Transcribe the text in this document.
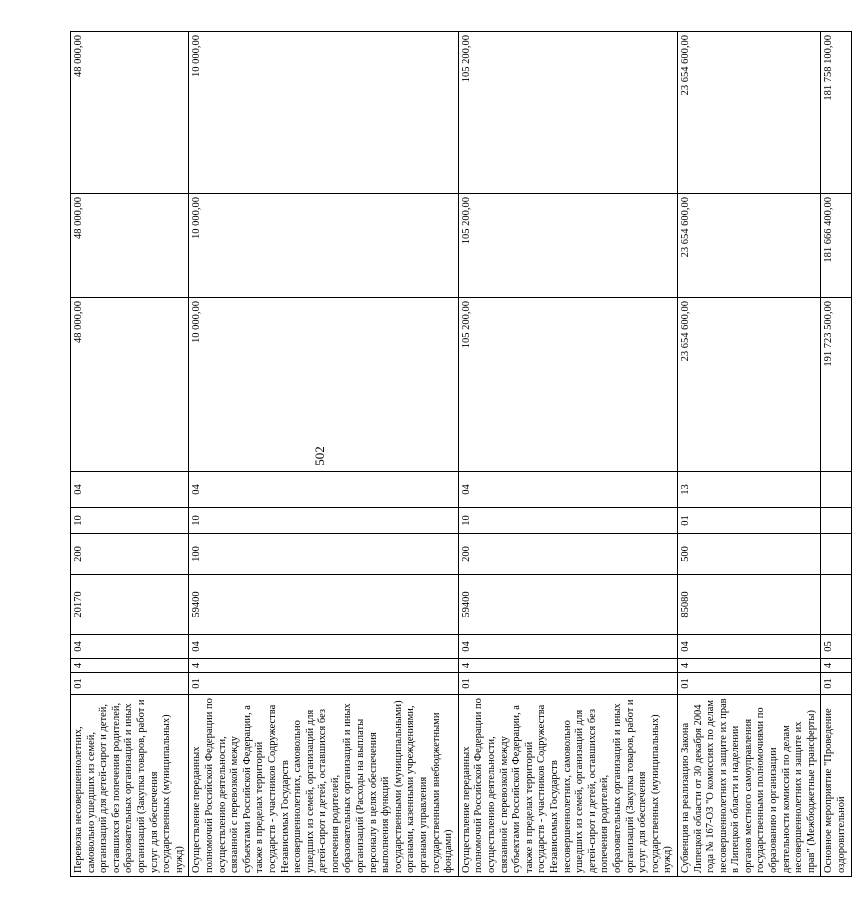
502
Перевозка несовершеннолетних, самовольно ушедших из семей, организаций для детей-сирот и детей, оставшихся без попечения родителей, образовательных организаций и иных организаций (Закупка товаров, работ и услуг для обеспечения государственных (муниципальных) нужд)	01	4	04	20170	200	10	04	48 000,00	48 000,00	48 000,00
Осуществление переданных полномочий Российской Федерации по осуществлению деятельности, связанной с перевозкой между субъектами Российской Федерации, а также в пределах территорий государств - участников Содружества Независимых Государств несовершеннолетних, самовольно ушедших из семей, организаций для детей-сирот и детей, оставшихся без попечения родителей, образовательных организаций и иных организаций (Расходы на выплаты персоналу в целях обеспечения выполнения функций государственными (муниципальными) органами, казенными учреждениями, органами управления государственными внебюджетными фондами)	01	4	04	59400	100	10	04	10 000,00	10 000,00	10 000,00
Осуществление переданных полномочий Российской Федерации по осуществлению деятельности, связанной с перевозкой между субъектами Российской Федерации, а также в пределах территорий государств - участников Содружества Независимых Государств несовершеннолетних, самовольно ушедших из семей, организаций для детей-сирот и детей, оставшихся без попечения родителей, образовательных организаций и иных организаций (Закупка товаров, работ и услуг для обеспечения государственных (муниципальных) нужд)	01	4	04	59400	200	10	04	105 200,00	105 200,00	105 200,00
Субвенция на реализацию Закона Липецкой области от 30 декабря 2004 года № 167-ОЗ "О комиссиях по делам несовершеннолетних и защите их прав в Липецкой области и наделении органов местного самоуправления государственными полномочиями по образованию и организации деятельности комиссий по делам несовершеннолетних и защите их прав" (Межбюджетные трансферты)	01	4	04	85080	500	01	13	23 654 600,00	23 654 600,00	23 654 600,00
Основное мероприятие "Проведение оздоровительной	01	4	05					191 723 500,00	181 666 400,00	181 758 100,00
